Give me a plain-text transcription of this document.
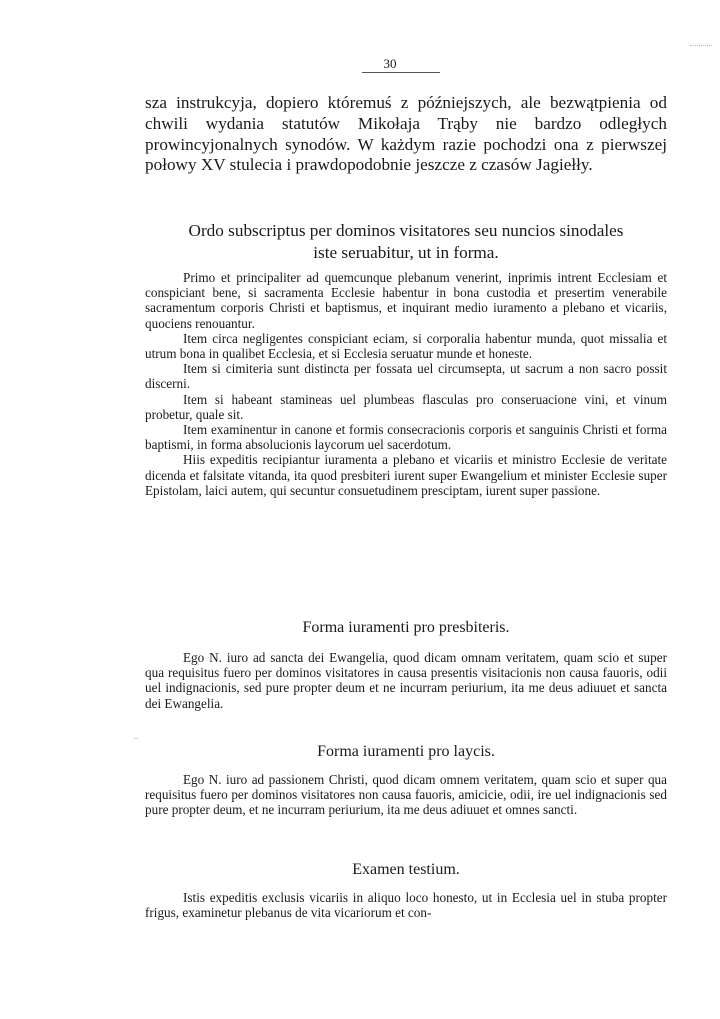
30

sza instrukcyja, dopiero któremuś z późniejszych, ale bezwątpienia od chwili wydania statutów Mikołaja Trąby nie bardzo odległych prowincyjonalnych synodów. W każdym razie pochodzi ona z pierwszej połowy XV stulecia i prawdopodobnie jeszcze z czasów Jagiełły.

Ordo subscriptus per dominos visitatores seu nuncios sinodales
iste seruabitur, ut in forma.

Primo et principaliter ad quemcunque plebanum venerint, inprimis intrent Ecclesiam et conspiciant bene, si sacramenta Ecclesie habentur in bona custodia et presertim venerabile sacramentum corporis Christi et baptismus, et inquirant medio iuramento a plebano et vicariis, quociens renouantur.

Item circa negligentes conspiciant eciam, si corporalia habentur munda, quot missalia et utrum bona in qualibet Ecclesia, et si Ecclesia seruatur munde et honeste.

Item si cimiteria sunt distincta per fossata uel circumsepta, ut sacrum a non sacro possit discerni.

Item si habeant stamineas uel plumbeas flasculas pro conseruacione vini, et vinum probetur, quale sit.

Item examinentur in canone et formis consecracionis corporis et sanguinis Christi et forma baptismi, in forma absolucionis laycorum uel sacerdotum.

Hiis expeditis recipiantur iuramenta a plebano et vicariis et ministro Ecclesie de veritate dicenda et falsitate vitanda, ita quod presbiteri iurent super Ewangelium et minister Ecclesie super Epistolam, laici autem, qui secuntur consuetudinem presciptam, iurent super passione.

Forma iuramenti pro presbiteris.

Ego N. iuro ad sancta dei Ewangelia, quod dicam omnam veritatem, quam scio et super qua requisitus fuero per dominos visitatores in causa presentis visitacionis non causa fauoris, odii uel indignacionis, sed pure propter deum et ne incurram periurium, ita me deus adiuuet et sancta dei Ewangelia.

Forma iuramenti pro laycis.

Ego N. iuro ad passionem Christi, quod dicam omnem veritatem, quam scio et super qua requisitus fuero per dominos visitatores non causa fauoris, amicicie, odii, ire uel indignacionis sed pure propter deum, et ne incurram periurium, ita me deus adiuuet et omnes sancti.

Examen testium.

Istis expeditis exclusis vicariis in aliquo loco honesto, ut in Ecclesia uel in stuba propter frigus, examinetur plebanus de vita vicariorum et con-
